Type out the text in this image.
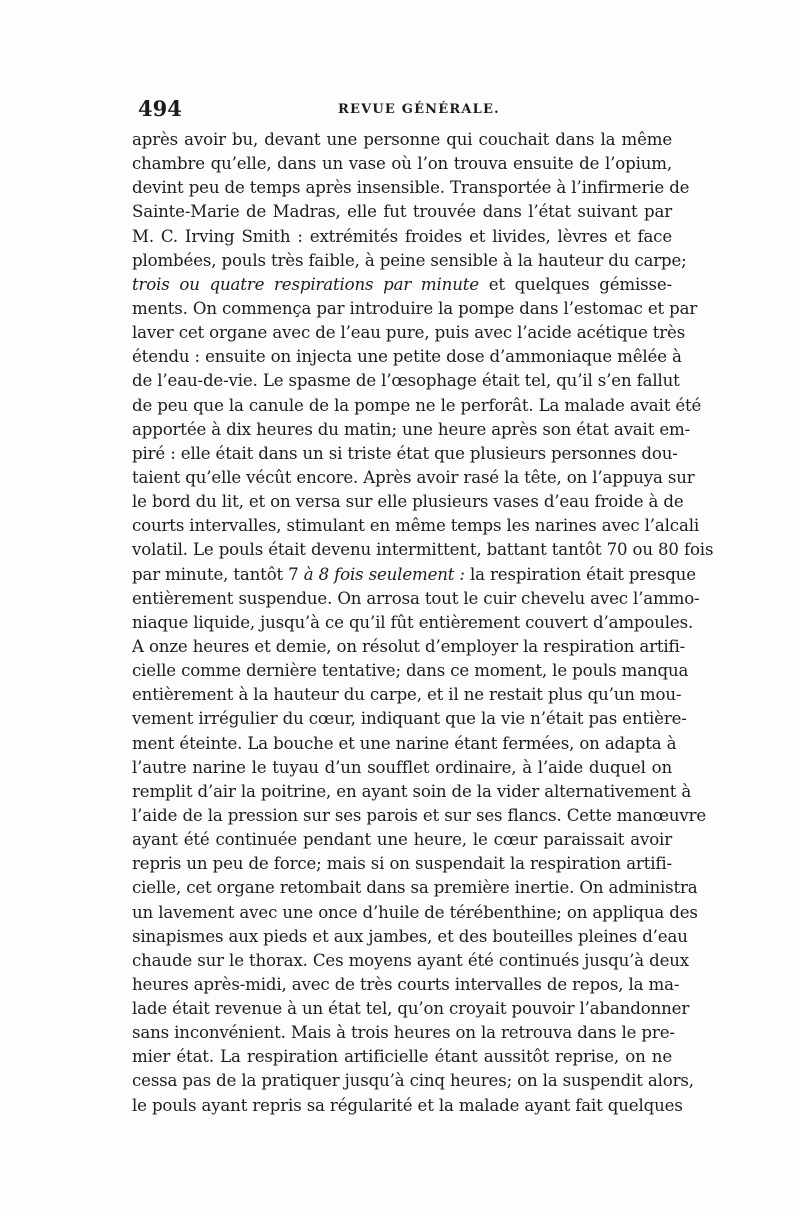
494	REVUE GÉNÉRALE.
après avoir bu, devant une personne qui couchait dans la même
chambre qu’elle, dans un vase où l’on trouva ensuite de l’opium,
devint peu de temps après insensible. Transportée à l’infirmerie de
Sainte-Marie de Madras, elle fut trouvée dans l’état suivant par
M. C. Irving Smith : extrémités froides et livides, lèvres et face
plombées, pouls très faible, à peine sensible à la hauteur du carpe;
trois ou quatre respirations par minute et quelques gémisse-
ments. On commença par introduire la pompe dans l’estomac et par
laver cet organe avec de l’eau pure, puis avec l’acide acétique très
étendu : ensuite on injecta une petite dose d’ammoniaque mêlée à
de l’eau-de-vie. Le spasme de l’œsophage était tel, qu’il s’en fallut
de peu que la canule de la pompe ne le perforât. La malade avait été
apportée à dix heures du matin; une heure après son état avait em-
piré : elle était dans un si triste état que plusieurs personnes dou-
taient qu’elle vécût encore. Après avoir rasé la tête, on l’appuya sur
le bord du lit, et on versa sur elle plusieurs vases d’eau froide à de
courts intervalles, stimulant en même temps les narines avec l’alcali
volatil. Le pouls était devenu intermittent, battant tantôt 70 ou 80 fois
par minute, tantôt 7 à 8 fois seulement : la respiration était presque
entièrement suspendue. On arrosa tout le cuir chevelu avec l’ammo-
niaque liquide, jusqu’à ce qu’il fût entièrement couvert d’ampoules.
A onze heures et demie, on résolut d’employer la respiration artifi-
cielle comme dernière tentative; dans ce moment, le pouls manqua
entièrement à la hauteur du carpe, et il ne restait plus qu’un mou-
vement irrégulier du cœur, indiquant que la vie n’était pas entière-
ment éteinte. La bouche et une narine étant fermées, on adapta à
l’autre narine le tuyau d’un soufflet ordinaire, à l’aide duquel on
remplit d’air la poitrine, en ayant soin de la vider alternativement à
l’aide de la pression sur ses parois et sur ses flancs. Cette manœuvre
ayant été continuée pendant une heure, le cœur paraissait avoir
repris un peu de force; mais si on suspendait la respiration artifi-
cielle, cet organe retombait dans sa première inertie. On administra
un lavement avec une once d’huile de térébenthine; on appliqua des
sinapismes aux pieds et aux jambes, et des bouteilles pleines d’eau
chaude sur le thorax. Ces moyens ayant été continués jusqu’à deux
heures après-midi, avec de très courts intervalles de repos, la ma-
lade était revenue à un état tel, qu’on croyait pouvoir l’abandonner
sans inconvénient. Mais à trois heures on la retrouva dans le pre-
mier état. La respiration artificielle étant aussitôt reprise, on ne
cessa pas de la pratiquer jusqu’à cinq heures; on la suspendit alors,
le pouls ayant repris sa régularité et la malade ayant fait quelques
